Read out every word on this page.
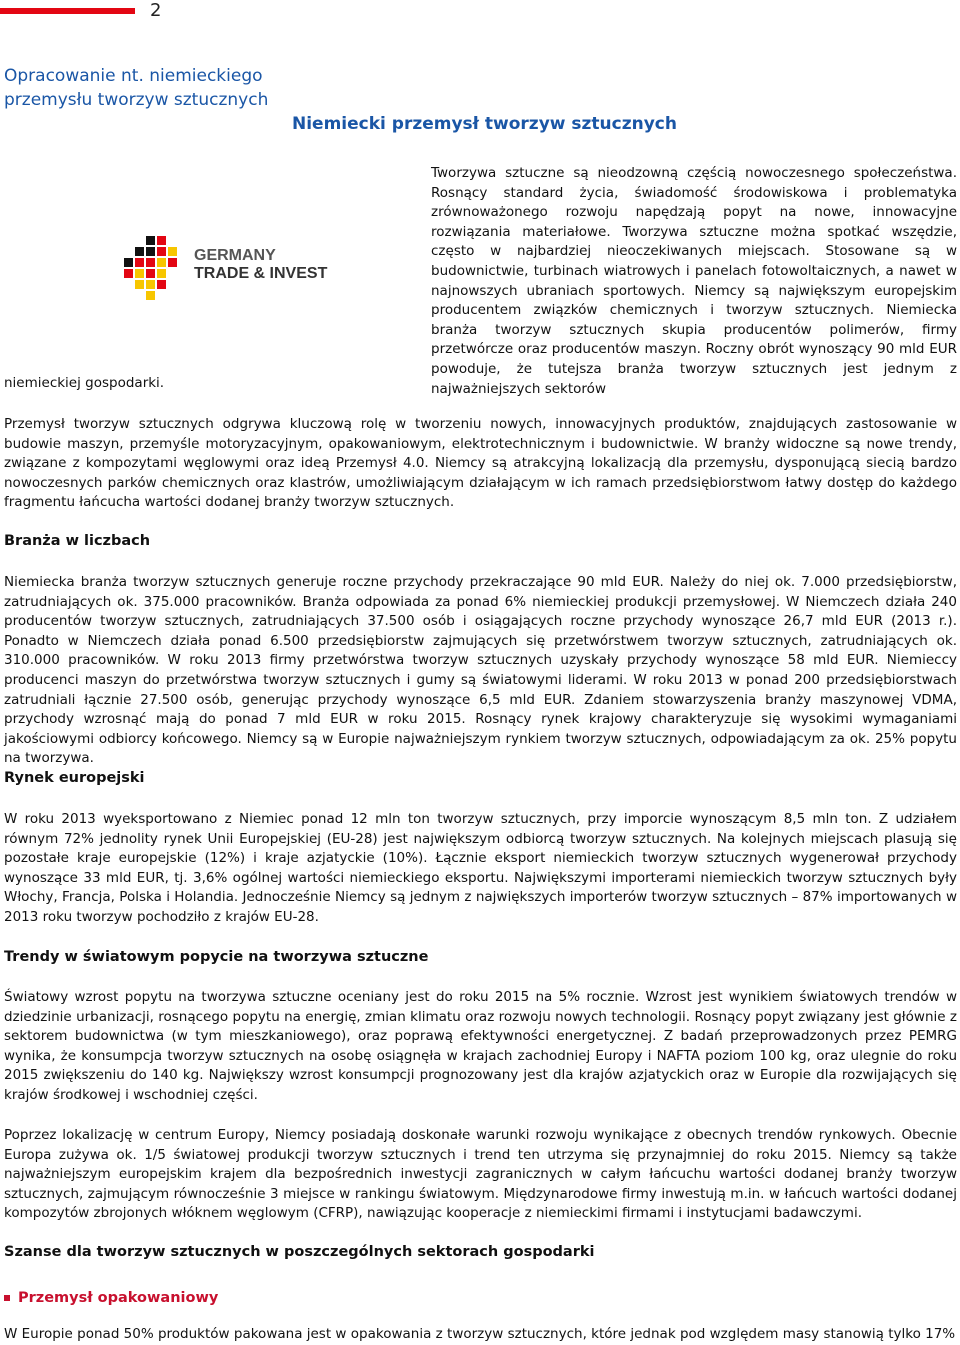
2
Opracowanie nt. niemieckiego przemysłu tworzyw sztucznych
Niemiecki przemysł tworzyw sztucznych
GERMANY
TRADE & INVEST
niemieckiej gospodarki.
Tworzywa sztuczne są nieodzowną częścią nowoczesnego społeczeństwa. Rosnący standard życia, świadomość środowiskowa i problematyka zrównoważonego rozwoju napędzają popyt na nowe, innowacyjne rozwiązania materiałowe. Tworzywa sztuczne można spotkać wszędzie, często w najbardziej nieoczekiwanych miejscach. Stosowane są w budownictwie, turbinach wiatrowych i panelach fotowoltaicznych, a nawet w najnowszych ubraniach sportowych. Niemcy są największym europejskim producentem związków chemicznych i tworzyw sztucznych. Niemiecka branża tworzyw sztucznych skupia producentów polimerów, firmy przetwórcze oraz producentów maszyn. Roczny obrót wynoszący 90 mld EUR powoduje, że tutejsza branża tworzyw sztucznych jest jednym z najważniejszych sektorów
Przemysł tworzyw sztucznych odgrywa kluczową rolę w tworzeniu nowych, innowacyjnych produktów, znajdujących zastosowanie w budowie maszyn, przemyśle motoryzacyjnym, opakowaniowym, elektrotechnicznym i budownictwie. W branży widoczne są nowe trendy, związane z kompozytami węglowymi oraz ideą Przemysł 4.0. Niemcy są atrakcyjną lokalizacją dla przemysłu, dysponującą siecią bardzo nowoczesnych parków chemicznych oraz klastrów, umożliwiającym działającym w ich ramach przedsiębiorstwom łatwy dostęp do każdego fragmentu łańcucha wartości dodanej branży tworzyw sztucznych.
Branża w liczbach
Niemiecka branża tworzyw sztucznych generuje roczne przychody przekraczające 90 mld EUR. Należy do niej ok. 7.000 przedsiębiorstw, zatrudniających ok. 375.000 pracowników. Branża odpowiada za ponad 6% niemieckiej produkcji przemysłowej. W Niemczech działa 240 producentów tworzyw sztucznych, zatrudniających 37.500 osób i osiągających roczne przychody wynoszące 26,7 mld EUR (2013 r.). Ponadto w Niemczech działa ponad 6.500 przedsiębiorstw zajmujących się przetwórstwem tworzyw sztucznych, zatrudniających ok. 310.000 pracowników. W roku 2013 firmy przetwórstwa tworzyw sztucznych uzyskały przychody wynoszące 58 mld EUR. Niemieccy producenci maszyn do przetwórstwa tworzyw sztucznych i gumy są światowymi liderami. W roku 2013 w ponad 200 przedsiębiorstwach zatrudniali łącznie 27.500 osób, generując przychody wynoszące 6,5 mld EUR. Zdaniem stowarzyszenia branży maszynowej VDMA, przychody wzrosnąć mają do ponad 7 mld EUR w roku 2015. Rosnący rynek krajowy charakteryzuje się wysokimi wymaganiami jakościowymi odbiorcy końcowego. Niemcy są w Europie najważniejszym rynkiem tworzyw sztucznych, odpowiadającym za ok. 25% popytu na tworzywa.
Rynek europejski
W roku 2013 wyeksportowano z Niemiec ponad 12 mln ton tworzyw sztucznych, przy imporcie wynoszącym 8,5 mln ton. Z udziałem równym 72% jednolity rynek Unii Europejskiej (EU-28) jest największym odbiorcą tworzyw sztucznych. Na kolejnych miejscach plasują się pozostałe kraje europejskie (12%) i kraje azjatyckie (10%). Łącznie eksport niemieckich tworzyw sztucznych wygenerował przychody wynoszące 33 mld EUR, tj. 3,6% ogólnej wartości niemieckiego eksportu. Największymi importerami niemieckich tworzyw sztucznych były Włochy, Francja, Polska i Holandia. Jednocześnie Niemcy są jednym z największych importerów tworzyw sztucznych – 87% importowanych w 2013 roku tworzyw pochodziło z krajów EU-28.
Trendy w światowym popycie na tworzywa sztuczne
Światowy wzrost popytu na tworzywa sztuczne oceniany jest do roku 2015 na 5% rocznie. Wzrost jest wynikiem światowych trendów w dziedzinie urbanizacji, rosnącego popytu na energię, zmian klimatu oraz rozwoju nowych technologii. Rosnący popyt związany jest głównie z sektorem budownictwa (w tym mieszkaniowego), oraz poprawą efektywności energetycznej. Z badań przeprowadzonych przez PEMRG wynika, że konsumpcja tworzyw sztucznych na osobę osiągnęła w krajach zachodniej Europy i NAFTA poziom 100 kg, oraz ulegnie do roku 2015 zwiększeniu do 140 kg. Największy wzrost konsumpcji prognozowany jest dla krajów azjatyckich oraz w Europie dla rozwijających się krajów środkowej i wschodniej części.
Poprzez lokalizację w centrum Europy, Niemcy posiadają doskonałe warunki rozwoju wynikające z obecnych trendów rynkowych. Obecnie Europa zużywa ok. 1/5 światowej produkcji tworzyw sztucznych i trend ten utrzyma się przynajmniej do roku 2015. Niemcy są także najważniejszym europejskim krajem dla bezpośrednich inwestycji zagranicznych w całym łańcuchu wartości dodanej branży tworzyw sztucznych, zajmującym równocześnie 3 miejsce w rankingu światowym. Międzynarodowe firmy inwestują m.in. w łańcuch wartości dodanej kompozytów zbrojonych włóknem węglowym (CFRP), nawiązując kooperacje z niemieckimi firmami i instytucjami badawczymi.
Szanse dla tworzyw sztucznych w poszczególnych sektorach gospodarki
Przemysł opakowaniowy
W Europie ponad 50% produktów pakowana jest w opakowania z tworzyw sztucznych, które jednak pod względem masy stanowią tylko 17%
